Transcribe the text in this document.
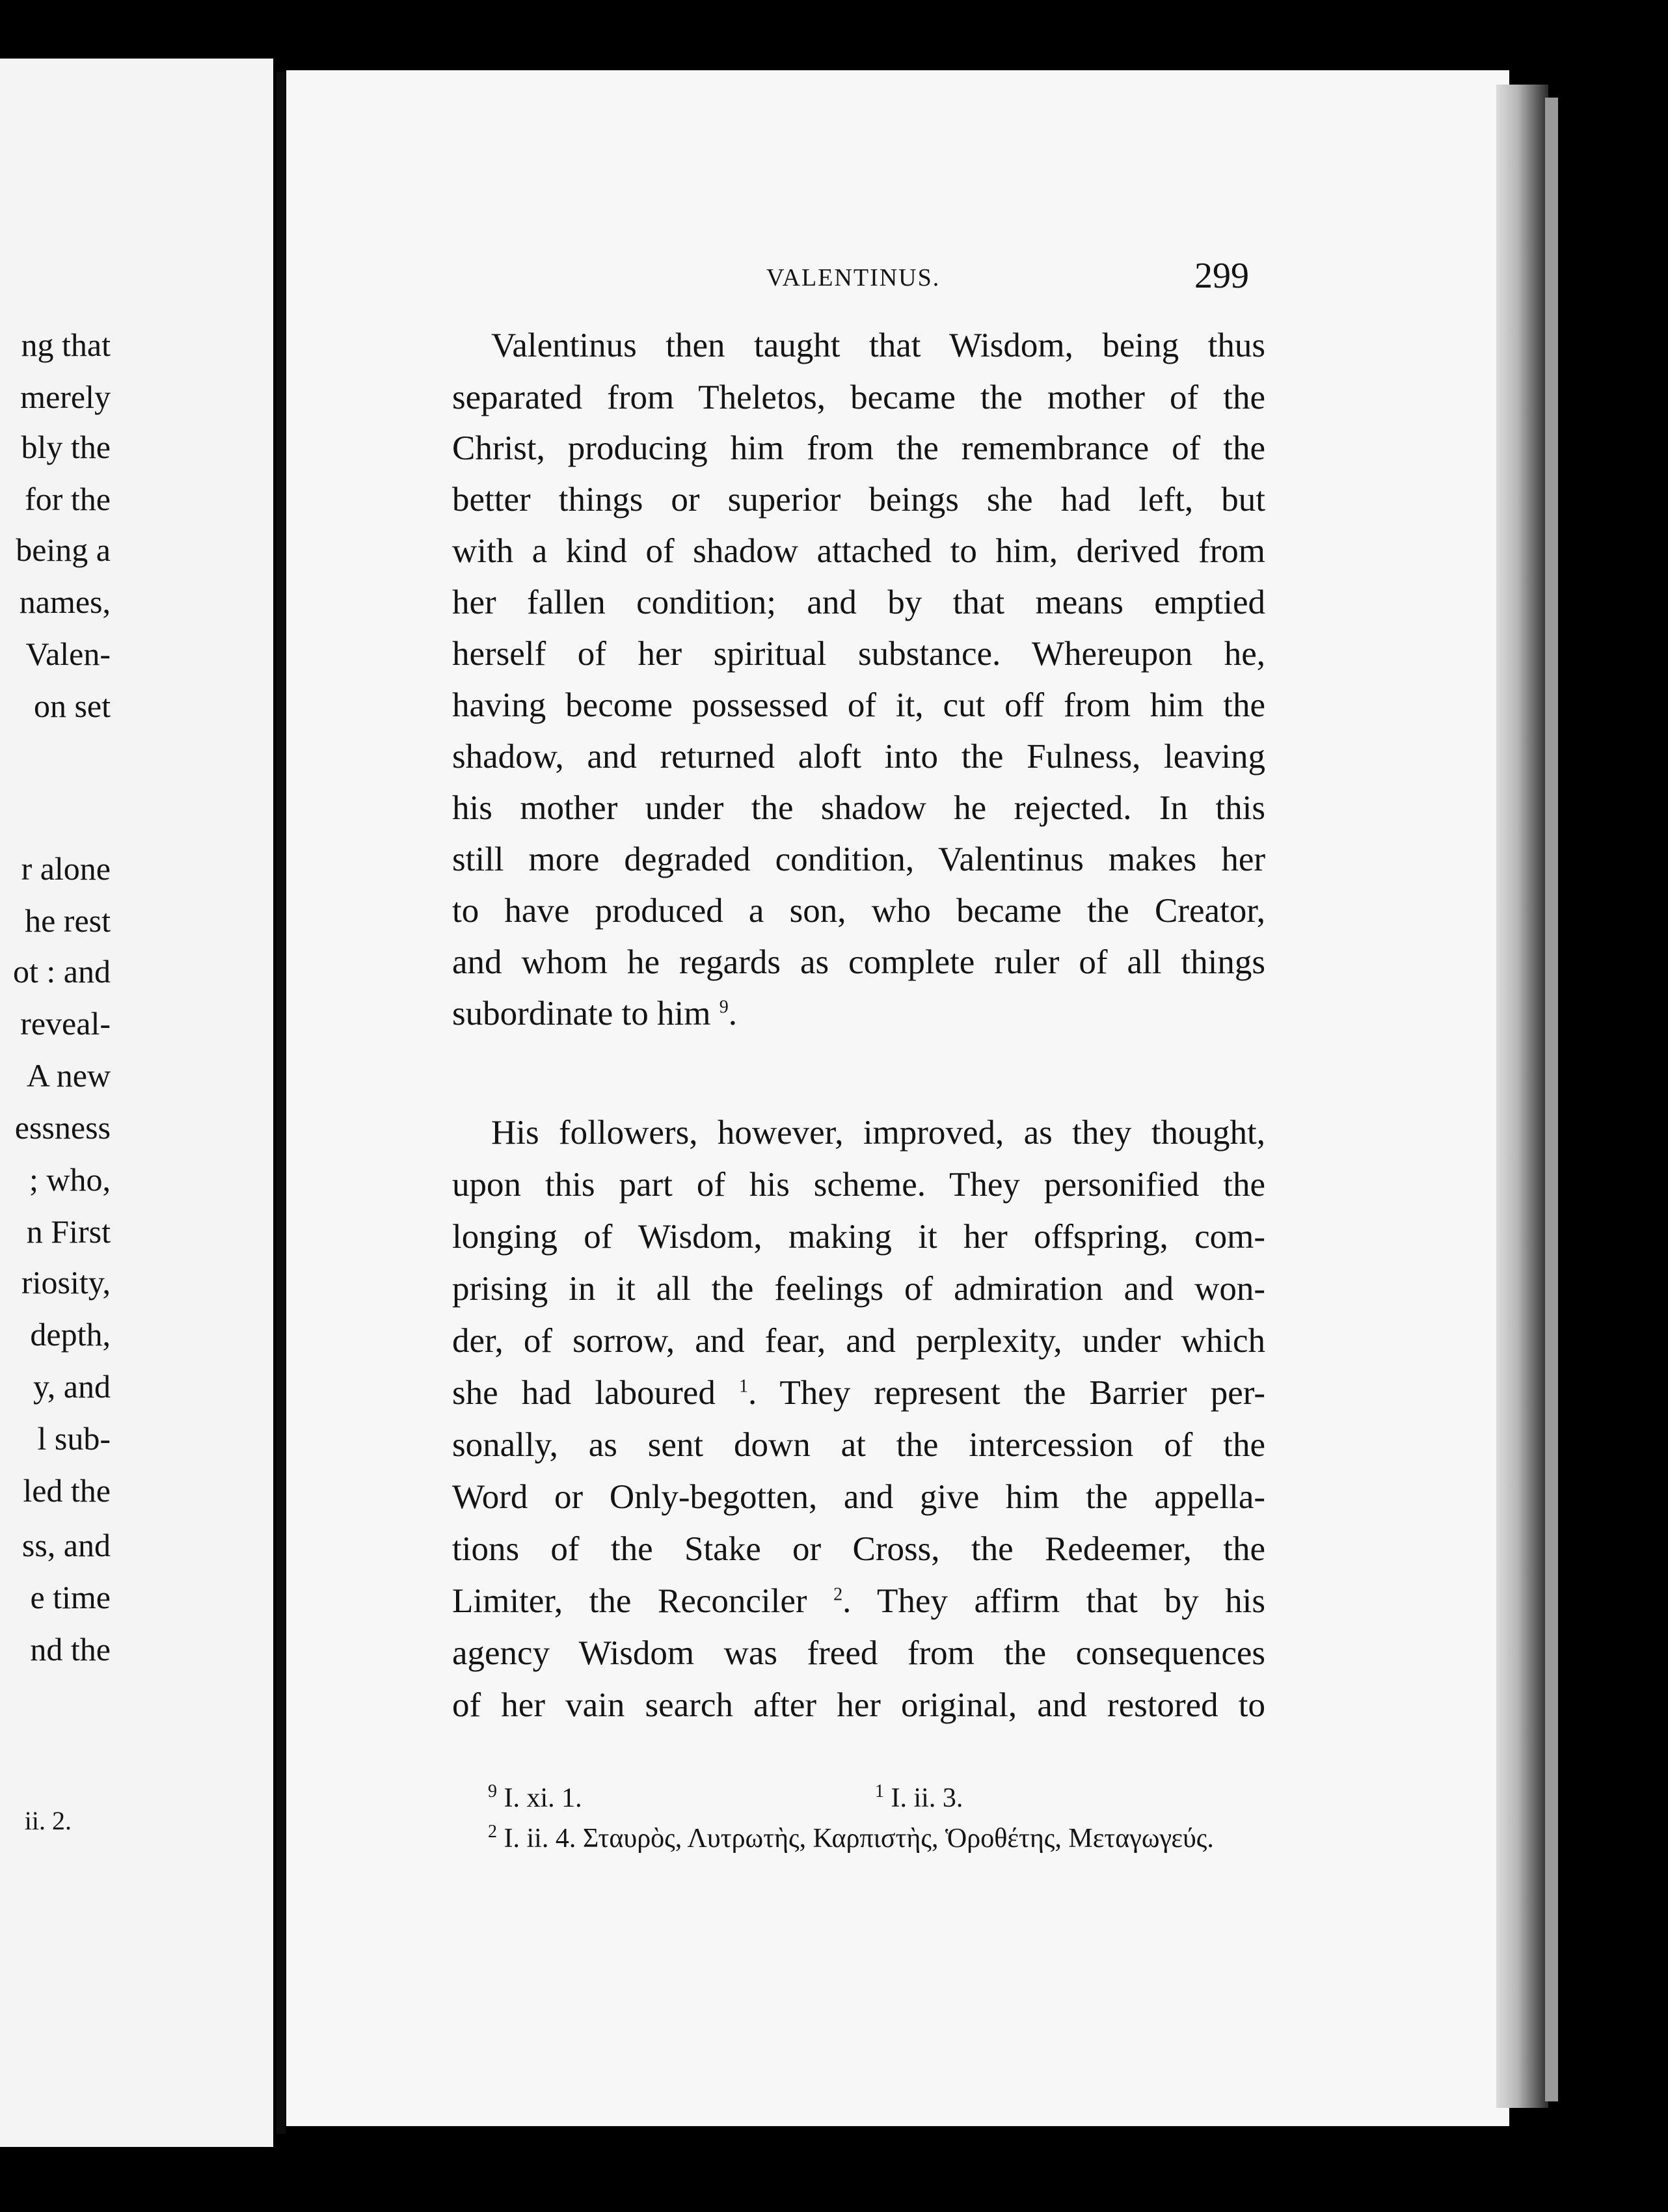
ng that
merely
bly the
for the
being a
names,
Valen-
on set
r alone
he rest
ot : and
reveal-
A new
essness
; who,
n First
riosity,
depth,
y, and
l sub-
led the
ss, and
e time
nd the
ii. 2.
VALENTINUS.	299
Valentinus then taught that Wisdom, being thus
separated from Theletos, became the mother of the
Christ, producing him from the remembrance of the
better things or superior beings she had left, but
with a kind of shadow attached to him, derived from
her fallen condition; and by that means emptied
herself of her spiritual substance. Whereupon he,
having become possessed of it, cut off from him the
shadow, and returned aloft into the Fulness, leaving
his mother under the shadow he rejected. In this
still more degraded condition, Valentinus makes her
to have produced a son, who became the Creator,
and whom he regards as complete ruler of all things
subordinate to him $^9$.
His followers, however, improved, as they thought,
upon this part of his scheme. They personified the
longing of Wisdom, making it her offspring, com-
prising in it all the feelings of admiration and won-
der, of sorrow, and fear, and perplexity, under which
she had laboured $^1$. They represent the Barrier per-
sonally, as sent down at the intercession of the
Word or Only-begotten, and give him the appella-
tions of the Stake or Cross, the Redeemer, the
Limiter, the Reconciler $^2$. They affirm that by his
agency Wisdom was freed from the consequences
of her vain search after her original, and restored to
$^9$ I. xi. 1.	$^1$ I. ii. 3.
$^2$ I. ii. 4. Σταυρὸς, Λυτρωτὴς, Καρπιστὴς, Ὁροθέτης, Μεταγωγεύς.
